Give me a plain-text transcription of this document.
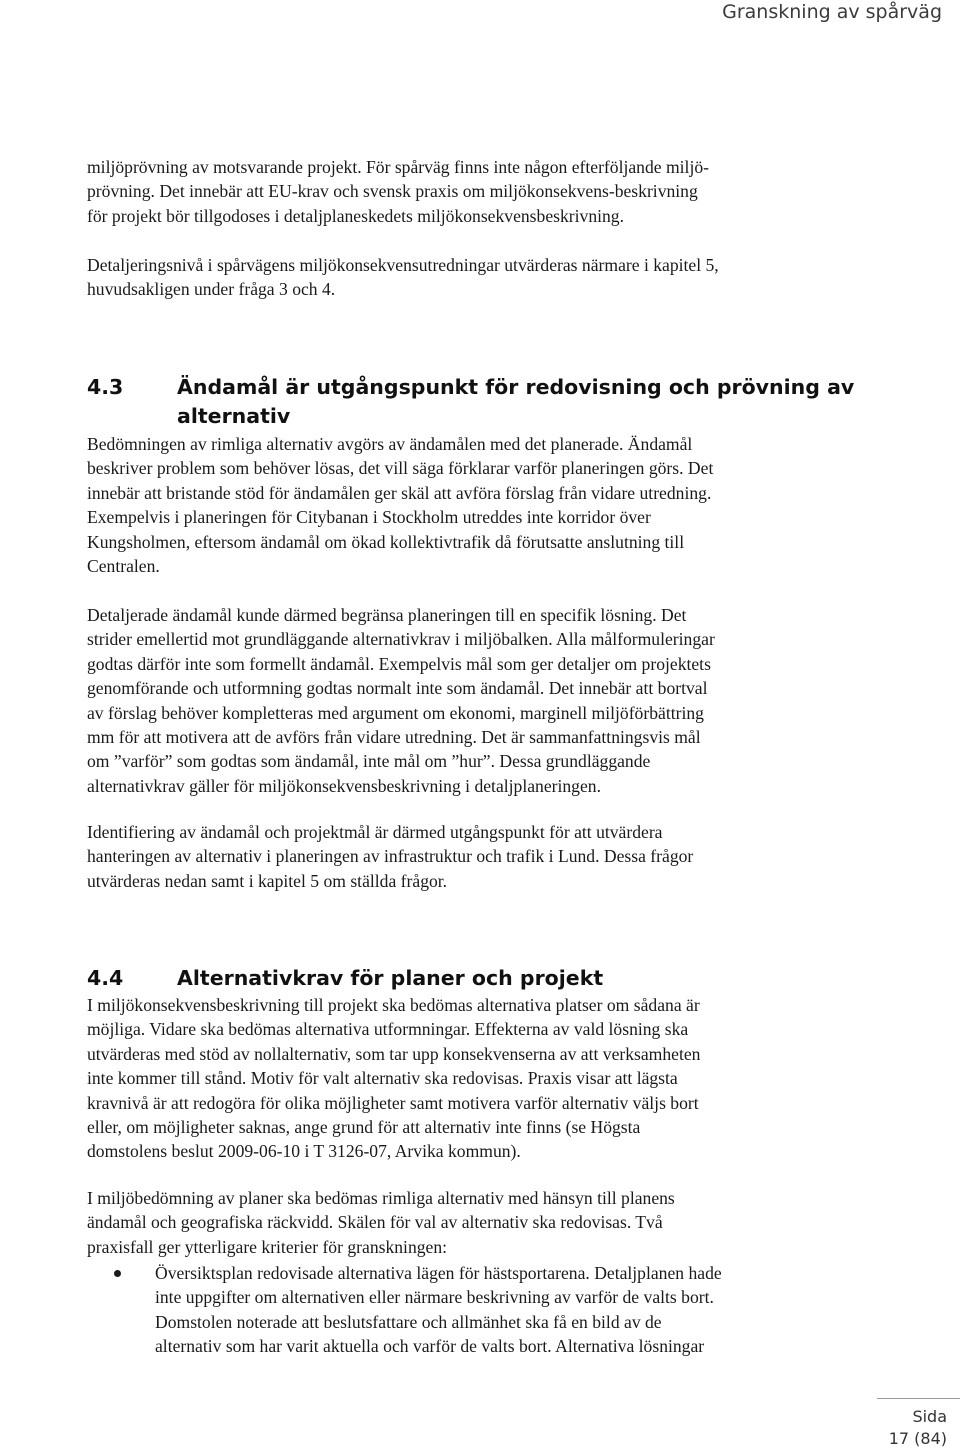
Granskning av spårväg

miljöprövning av motsvarande projekt. För spårväg finns inte någon efterföljande miljö-
prövning. Det innebär att EU-krav och svensk praxis om miljökonsekvens-beskrivning
för projekt bör tillgodoses i detaljplaneskedets miljökonsekvensbeskrivning.

Detaljeringsnivå i spårvägens miljökonsekvensutredningar utvärderas närmare i kapitel 5,
huvudsakligen under fråga 3 och 4.

4.3	Ändamål är utgångspunkt för redovisning och prövning av
alternativ

Bedömningen av rimliga alternativ avgörs av ändamålen med det planerade. Ändamål
beskriver problem som behöver lösas, det vill säga förklarar varför planeringen görs. Det
innebär att bristande stöd för ändamålen ger skäl att avföra förslag från vidare utredning.
Exempelvis i planeringen för Citybanan i Stockholm utreddes inte korridor över
Kungsholmen, eftersom ändamål om ökad kollektivtrafik då förutsatte anslutning till
Centralen.

Detaljerade ändamål kunde därmed begränsa planeringen till en specifik lösning. Det
strider emellertid mot grundläggande alternativkrav i miljöbalken. Alla målformuleringar
godtas därför inte som formellt ändamål. Exempelvis mål som ger detaljer om projektets
genomförande och utformning godtas normalt inte som ändamål. Det innebär att bortval
av förslag behöver kompletteras med argument om ekonomi, marginell miljöförbättring
mm för att motivera att de avförs från vidare utredning. Det är sammanfattningsvis mål
om ”varför” som godtas som ändamål, inte mål om ”hur”. Dessa grundläggande
alternativkrav gäller för miljökonsekvensbeskrivning i detaljplaneringen.

Identifiering av ändamål och projektmål är därmed utgångspunkt för att utvärdera
hanteringen av alternativ i planeringen av infrastruktur och trafik i Lund. Dessa frågor
utvärderas nedan samt i kapitel 5 om ställda frågor.

4.4	Alternativkrav för planer och projekt

I miljökonsekvensbeskrivning till projekt ska bedömas alternativa platser om sådana är
möjliga. Vidare ska bedömas alternativa utformningar. Effekterna av vald lösning ska
utvärderas med stöd av nollalternativ, som tar upp konsekvenserna av att verksamheten
inte kommer till stånd. Motiv för valt alternativ ska redovisas. Praxis visar att lägsta
kravnivå är att redogöra för olika möjligheter samt motivera varför alternativ väljs bort
eller, om möjligheter saknas, ange grund för att alternativ inte finns (se Högsta
domstolens beslut 2009-06-10 i T 3126-07, Arvika kommun).

I miljöbedömning av planer ska bedömas rimliga alternativ med hänsyn till planens
ändamål och geografiska räckvidd. Skälen för val av alternativ ska redovisas. Två
praxisfall ger ytterligare kriterier för granskningen:

Översiktsplan redovisade alternativa lägen för hästsportarena. Detaljplanen hade
inte uppgifter om alternativen eller närmare beskrivning av varför de valts bort.
Domstolen noterade att beslutsfattare och allmänhet ska få en bild av de
alternativ som har varit aktuella och varför de valts bort. Alternativa lösningar
Sida
17 (84)
